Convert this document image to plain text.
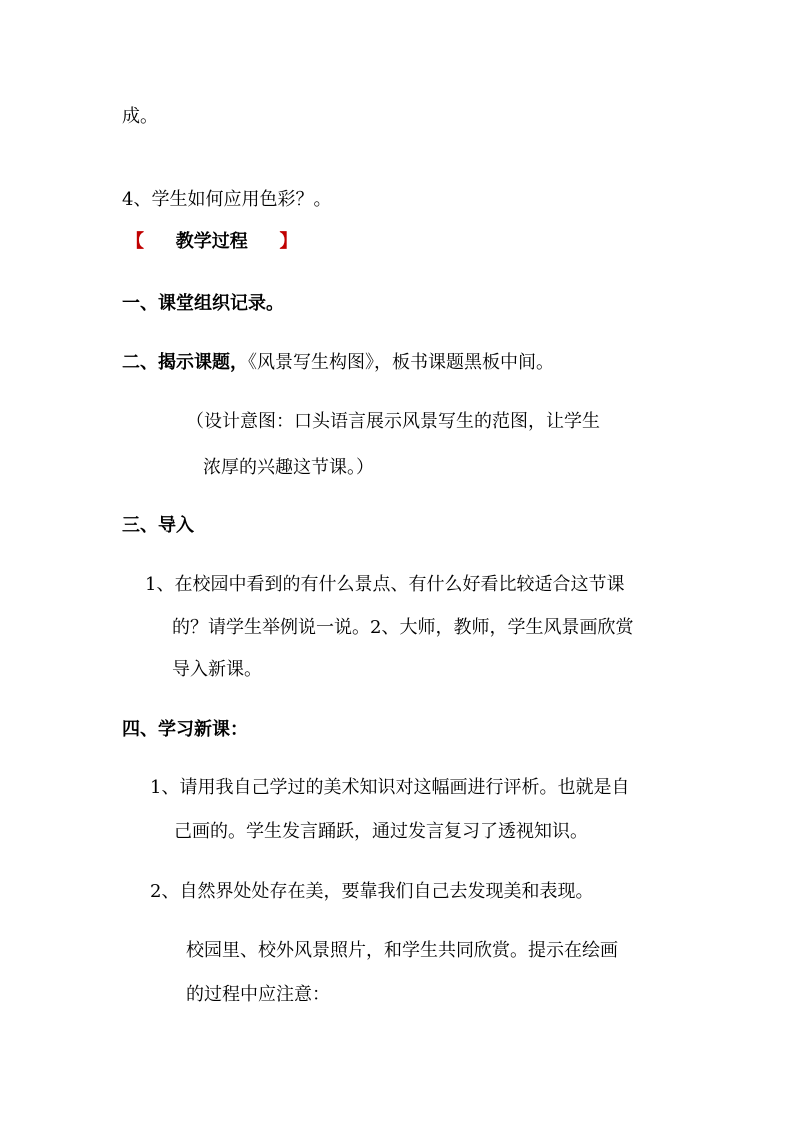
成。
4、学生如何应用色彩？。
【 教学过程 】
一、课堂组织记录。
二、揭示课题，《风景写生构图》，板书课题黑板中间。
（设计意图：口头语言展示风景写生的范图，让学生
浓厚的兴趣这节课。）
三、导入
1、在校园中看到的有什么景点、有什么好看比较适合这节课
的？请学生举例说一说。2、大师，教师，学生风景画欣赏
导入新课。
四、学习新课：
1、请用我自己学过的美术知识对这幅画进行评析。也就是自
己画的。学生发言踊跃，通过发言复习了透视知识。
2、自然界处处存在美，要靠我们自己去发现美和表现。
校园里、校外风景照片，和学生共同欣赏。提示在绘画
的过程中应注意：
